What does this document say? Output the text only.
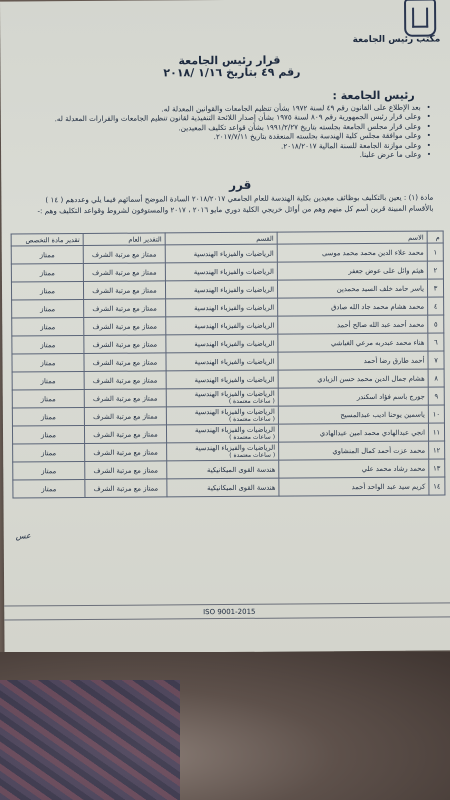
مكتب رئيس الجامعة
قرار رئيس الجامعة
رقم ٤٩ بتاريخ ١/١٦ /٢٠١٨
رئيس الجامعة :
• بعد الإطلاع على القانون رقم ٤٩ لسنة ١٩٧٢ بشأن تنظيم الجامعات والقوانين المعدلة له.
• وعلى قرار رئيس الجمهورية رقم ٨٠٩ لسنة ١٩٧٥ بشأن إصدار اللائحة التنفيذية لقانون تنظيم الجامعات والقرارات المعدلة له.
• وعلى قرار مجلس الجامعة بجلسته بتاريخ ١٩٩١/٢/٢٧ بشأن قواعد تكليف المعيدين.
• وعلى موافقة مجلس كلية الهندسة بجلسته المنعقدة بتاريخ ٢٠١٧/٧/١١.
• وعلى موازنة الجامعة للسنة المالية ٢٠١٨/٢٠١٧.
• وعلى ما عرض علينا.
قرر
مادة (١) : يعين بالتكليف بوظائف معيدين بكلية الهندسة للعام الجامعي ٢٠١٨/٢٠١٧ السادة الموضح أسمائهم فيما يلي وعددهم ( ١٤ ) بالأقسام المبينة قرين أسم كل منهم وهم من أوائل خريجي الكلية دوري مايو ٢٠١٦ ، ٢٠١٧ والمستوفون لشروط وقواعد التكليف وهم :-
م	الاسم	القسم	التقدير العام	تقدير مادة التخصص
١	محمد علاء الدين محمد محمد موسى	الرياضيات والفيزياء الهندسية	ممتاز مع مرتبة الشرف	ممتاز
٢	هيثم وائل على عوض جعفر	الرياضيات والفيزياء الهندسية	ممتاز مع مرتبة الشرف	ممتاز
٣	ياسر حامد خلف السيد محمدين	الرياضيات والفيزياء الهندسية	ممتاز مع مرتبة الشرف	ممتاز
٤	محمد هشام محمد جاد الله صادق	الرياضيات والفيزياء الهندسية	ممتاز مع مرتبة الشرف	ممتاز
٥	محمد أحمد عبد الله صالح أحمد	الرياضيات والفيزياء الهندسية	ممتاز مع مرتبة الشرف	ممتاز
٦	هناء محمد عبدربه مرعي الغباشي	الرياضيات والفيزياء الهندسية	ممتاز مع مرتبة الشرف	ممتاز
٧	أحمد طارق رضا أحمد	الرياضيات والفيزياء الهندسية	ممتاز مع مرتبة الشرف	ممتاز
٨	هشام جمال الدين محمد حسن الزيادي	الرياضيات والفيزياء الهندسية	ممتاز مع مرتبة الشرف	ممتاز
٩	جورج باسم فؤاد اسكندر	الرياضيات والفيزياء الهندسية
( ساعات معتمدة )	ممتاز مع مرتبة الشرف	ممتاز
١٠	ياسمين يوحنا اديب عبدالمسيح	الرياضيات والفيزياء الهندسية
( ساعات معتمدة )	ممتاز مع مرتبة الشرف	ممتاز
١١	انجي عبدالهادي محمد امين عبدالهادي	الرياضيات والفيزياء الهندسية
( ساعات معتمدة )	ممتاز مع مرتبة الشرف	ممتاز
١٢	محمد عزت أحمد كمال المنشاوي	الرياضيات والفيزياء الهندسية
( ساعات معتمدة )	ممتاز مع مرتبة الشرف	ممتاز
١٣	محمد رشاد محمد علي	هندسة القوى الميكانيكية	ممتاز مع مرتبة الشرف	ممتاز
١٤	كريم سيد عبد الواحد أحمد	هندسة القوى الميكانيكية	ممتاز مع مرتبة الشرف	ممتاز
عس
ISO 9001-2015
